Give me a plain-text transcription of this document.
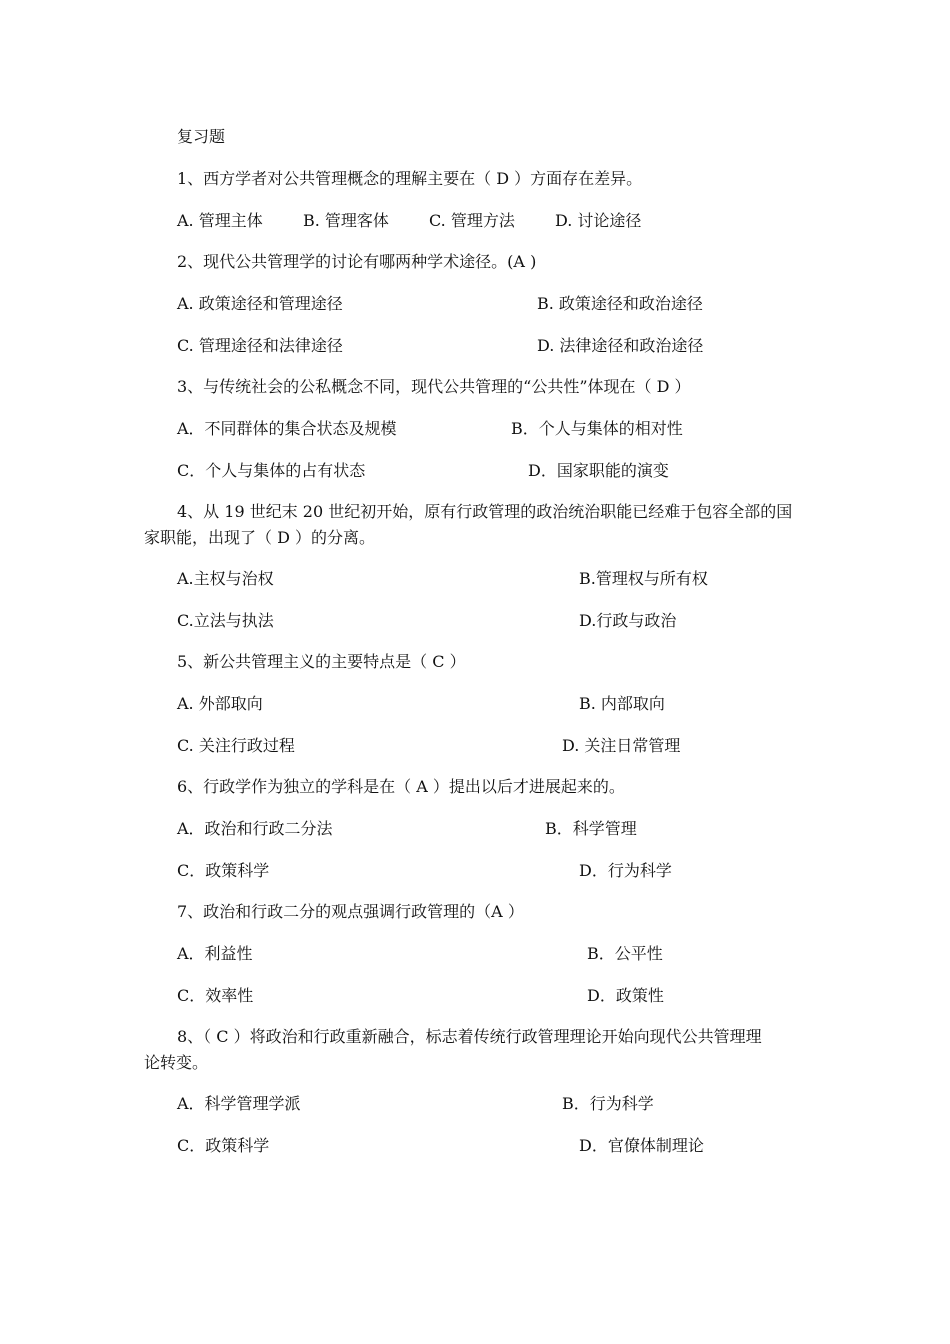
复习题
1、西方学者对公共管理概念的理解主要在（ D ）方面存在差异。
A. 管理主体	B. 管理客体	C. 管理方法	D. 讨论途径
2、现代公共管理学的讨论有哪两种学术途径。(A )
A. 政策途径和管理途径	B. 政策途径和政治途径
C. 管理途径和法律途径	D. 法律途径和政治途径
3、与传统社会的公私概念不同，现代公共管理的“公共性”体现在（ D ）
A．不同群体的集合状态及规模	B．个人与集体的相对性
C．个人与集体的占有状态	D．国家职能的演变
4、从 19 世纪末 20 世纪初开始，原有行政管理的政治统治职能已经难于包容全部的国
家职能，出现了（ D ）的分离。
A.主权与治权	B.管理权与所有权
C.立法与执法	D.行政与政治
5、新公共管理主义的主要特点是（ C ）
A. 外部取向	B. 内部取向
C. 关注行政过程	D. 关注日常管理
6、行政学作为独立的学科是在（ A ）提出以后才进展起来的。
A．政治和行政二分法	B．科学管理
C．政策科学	D．行为科学
7、政治和行政二分的观点强调行政管理的（A ）
A．利益性	B．公平性
C．效率性	D．政策性
8、（ C ）将政治和行政重新融合，标志着传统行政管理理论开始向现代公共管理理
论转变。
A．科学管理学派	B．行为科学
C．政策科学	D．官僚体制理论
